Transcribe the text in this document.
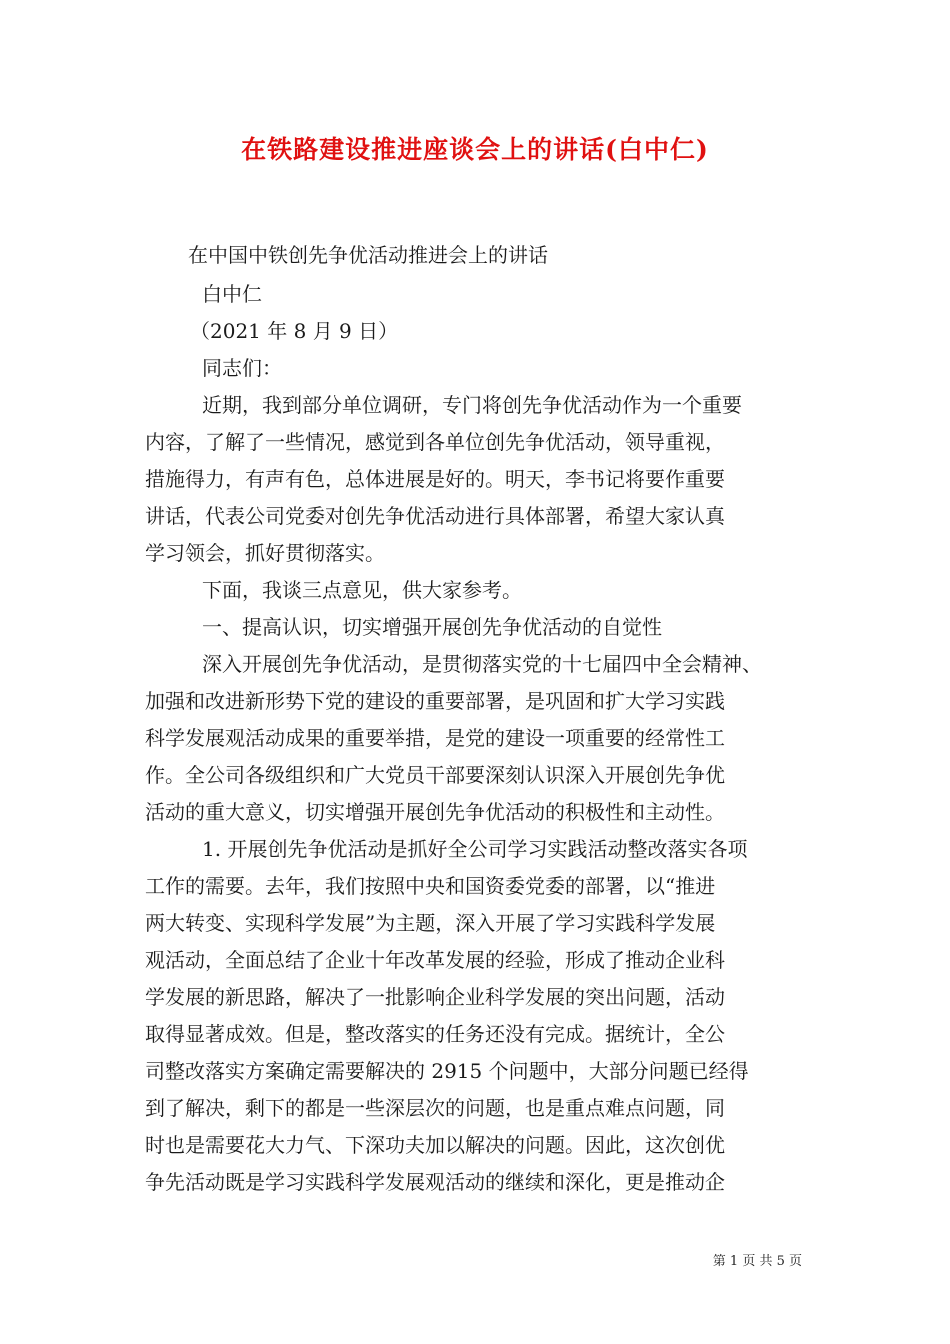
在铁路建设推进座谈会上的讲话(白中仁)
在中国中铁创先争优活动推进会上的讲话
白中仁
（2021 年 8 月 9 日）
同志们：
近期，我到部分单位调研，专门将创先争优活动作为一个重要
内容，了解了一些情况，感觉到各单位创先争优活动，领导重视，
措施得力，有声有色，总体进展是好的。明天，李书记将要作重要
讲话，代表公司党委对创先争优活动进行具体部署，希望大家认真
学习领会，抓好贯彻落实。
下面，我谈三点意见，供大家参考。
一、提高认识，切实增强开展创先争优活动的自觉性
深入开展创先争优活动，是贯彻落实党的十七届四中全会精神、
加强和改进新形势下党的建设的重要部署，是巩固和扩大学习实践
科学发展观活动成果的重要举措，是党的建设一项重要的经常性工
作。全公司各级组织和广大党员干部要深刻认识深入开展创先争优
活动的重大意义，切实增强开展创先争优活动的积极性和主动性。
1. 开展创先争优活动是抓好全公司学习实践活动整改落实各项
工作的需要。去年，我们按照中央和国资委党委的部署，以“推进
两大转变、实现科学发展”为主题，深入开展了学习实践科学发展
观活动，全面总结了企业十年改革发展的经验，形成了推动企业科
学发展的新思路，解决了一批影响企业科学发展的突出问题，活动
取得显著成效。但是，整改落实的任务还没有完成。据统计，全公
司整改落实方案确定需要解决的 2915 个问题中，大部分问题已经得
到了解决，剩下的都是一些深层次的问题，也是重点难点问题，同
时也是需要花大力气、下深功夫加以解决的问题。因此，这次创优
争先活动既是学习实践科学发展观活动的继续和深化，更是推动企
第 1 页 共 5 页
